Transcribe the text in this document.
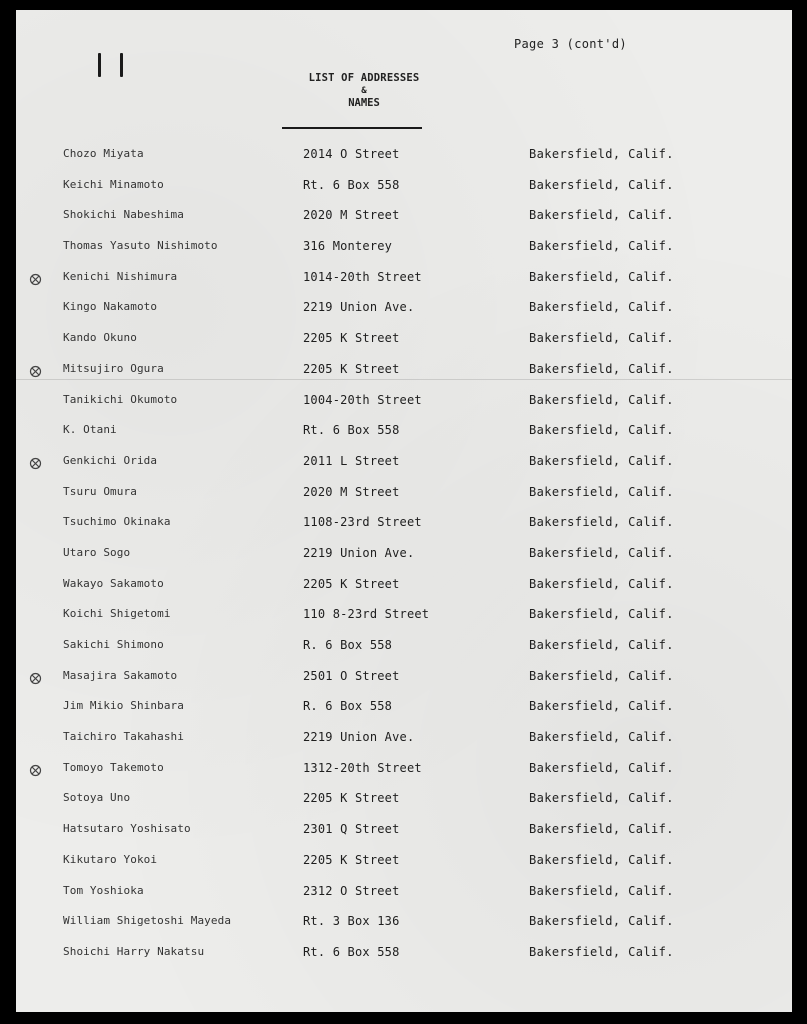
Page 3 (cont'd)
LIST OF ADDRESSES
&
NAMES
Chozo Miyata	2014 O Street	Bakersfield, Calif.
Keichi Minamoto	Rt. 6 Box 558	Bakersfield, Calif.
Shokichi Nabeshima	2020 M Street	Bakersfield, Calif.
Thomas Yasuto Nishimoto	316 Monterey	Bakersfield, Calif.
Kenichi Nishimura	1014-20th Street	Bakersfield, Calif.
Kingo Nakamoto	2219 Union Ave.	Bakersfield, Calif.
Kando Okuno	2205 K Street	Bakersfield, Calif.
Mitsujiro Ogura	2205 K Street	Bakersfield, Calif.
Tanikichi Okumoto	1004-20th Street	Bakersfield, Calif.
K. Otani	Rt. 6 Box 558	Bakersfield, Calif.
Genkichi Orida	2011 L Street	Bakersfield, Calif.
Tsuru Omura	2020 M Street	Bakersfield, Calif.
Tsuchimo Okinaka	1108-23rd Street	Bakersfield, Calif.
Utaro Sogo	2219 Union Ave.	Bakersfield, Calif.
Wakayo Sakamoto	2205 K Street	Bakersfield, Calif.
Koichi Shigetomi	110 8-23rd Street	Bakersfield, Calif.
Sakichi Shimono	R. 6 Box 558	Bakersfield, Calif.
Masajira Sakamoto	2501 O Street	Bakersfield, Calif.
Jim Mikio Shinbara	R. 6 Box 558	Bakersfield, Calif.
Taichiro Takahashi	2219 Union Ave.	Bakersfield, Calif.
Tomoyo Takemoto	1312-20th Street	Bakersfield, Calif.
Sotoya Uno	2205 K Street	Bakersfield, Calif.
Hatsutaro Yoshisato	2301 Q Street	Bakersfield, Calif.
Kikutaro Yokoi	2205 K Street	Bakersfield, Calif.
Tom Yoshioka	2312 O Street	Bakersfield, Calif.
William Shigetoshi Mayeda	Rt. 3 Box 136	Bakersfield, Calif.
Shoichi Harry Nakatsu	Rt. 6 Box 558	Bakersfield, Calif.
